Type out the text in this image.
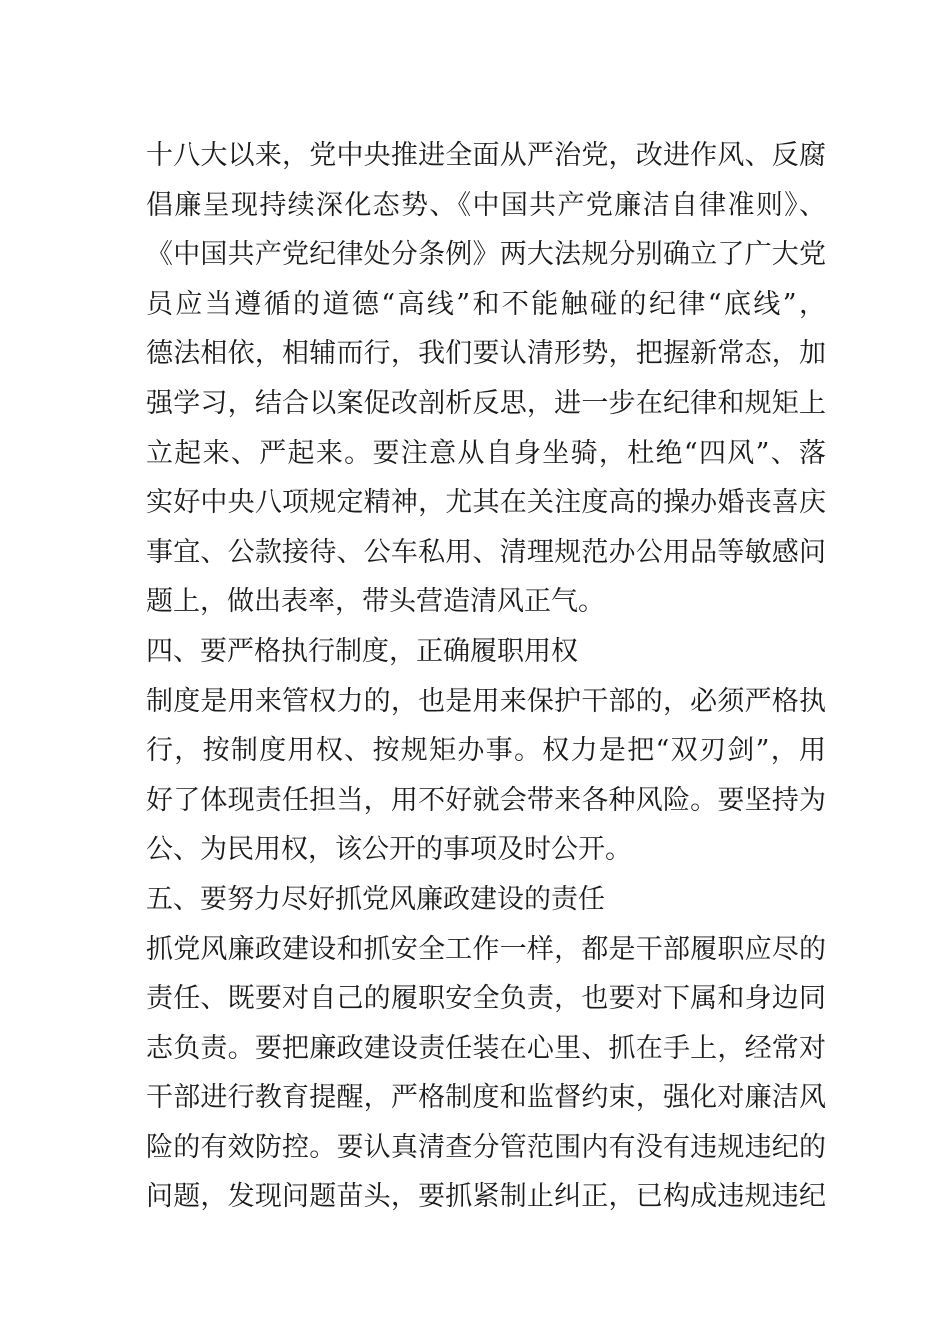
十八大以来，党中央推进全面从严治党，改进作风、反腐
倡廉呈现持续深化态势、《中国共产党廉洁自律准则》、
《中国共产党纪律处分条例》两大法规分别确立了广大党
员应当遵循的道德“高线”和不能触碰的纪律“底线”，
德法相依，相辅而行，我们要认清形势，把握新常态，加
强学习，结合以案促改剖析反思，进一步在纪律和规矩上
立起来、严起来。要注意从自身坐骑，杜绝“四风”、落
实好中央八项规定精神，尤其在关注度高的操办婚丧喜庆
事宜、公款接待、公车私用、清理规范办公用品等敏感问
题上，做出表率，带头营造清风正气。
四、要严格执行制度，正确履职用权
制度是用来管权力的，也是用来保护干部的，必须严格执
行，按制度用权、按规矩办事。权力是把“双刃剑”，用
好了体现责任担当，用不好就会带来各种风险。要坚持为
公、为民用权，该公开的事项及时公开。
五、要努力尽好抓党风廉政建设的责任
抓党风廉政建设和抓安全工作一样，都是干部履职应尽的
责任、既要对自己的履职安全负责，也要对下属和身边同
志负责。要把廉政建设责任装在心里、抓在手上，经常对
干部进行教育提醒，严格制度和监督约束，强化对廉洁风
险的有效防控。要认真清查分管范围内有没有违规违纪的
问题，发现问题苗头，要抓紧制止纠正，已构成违规违纪
